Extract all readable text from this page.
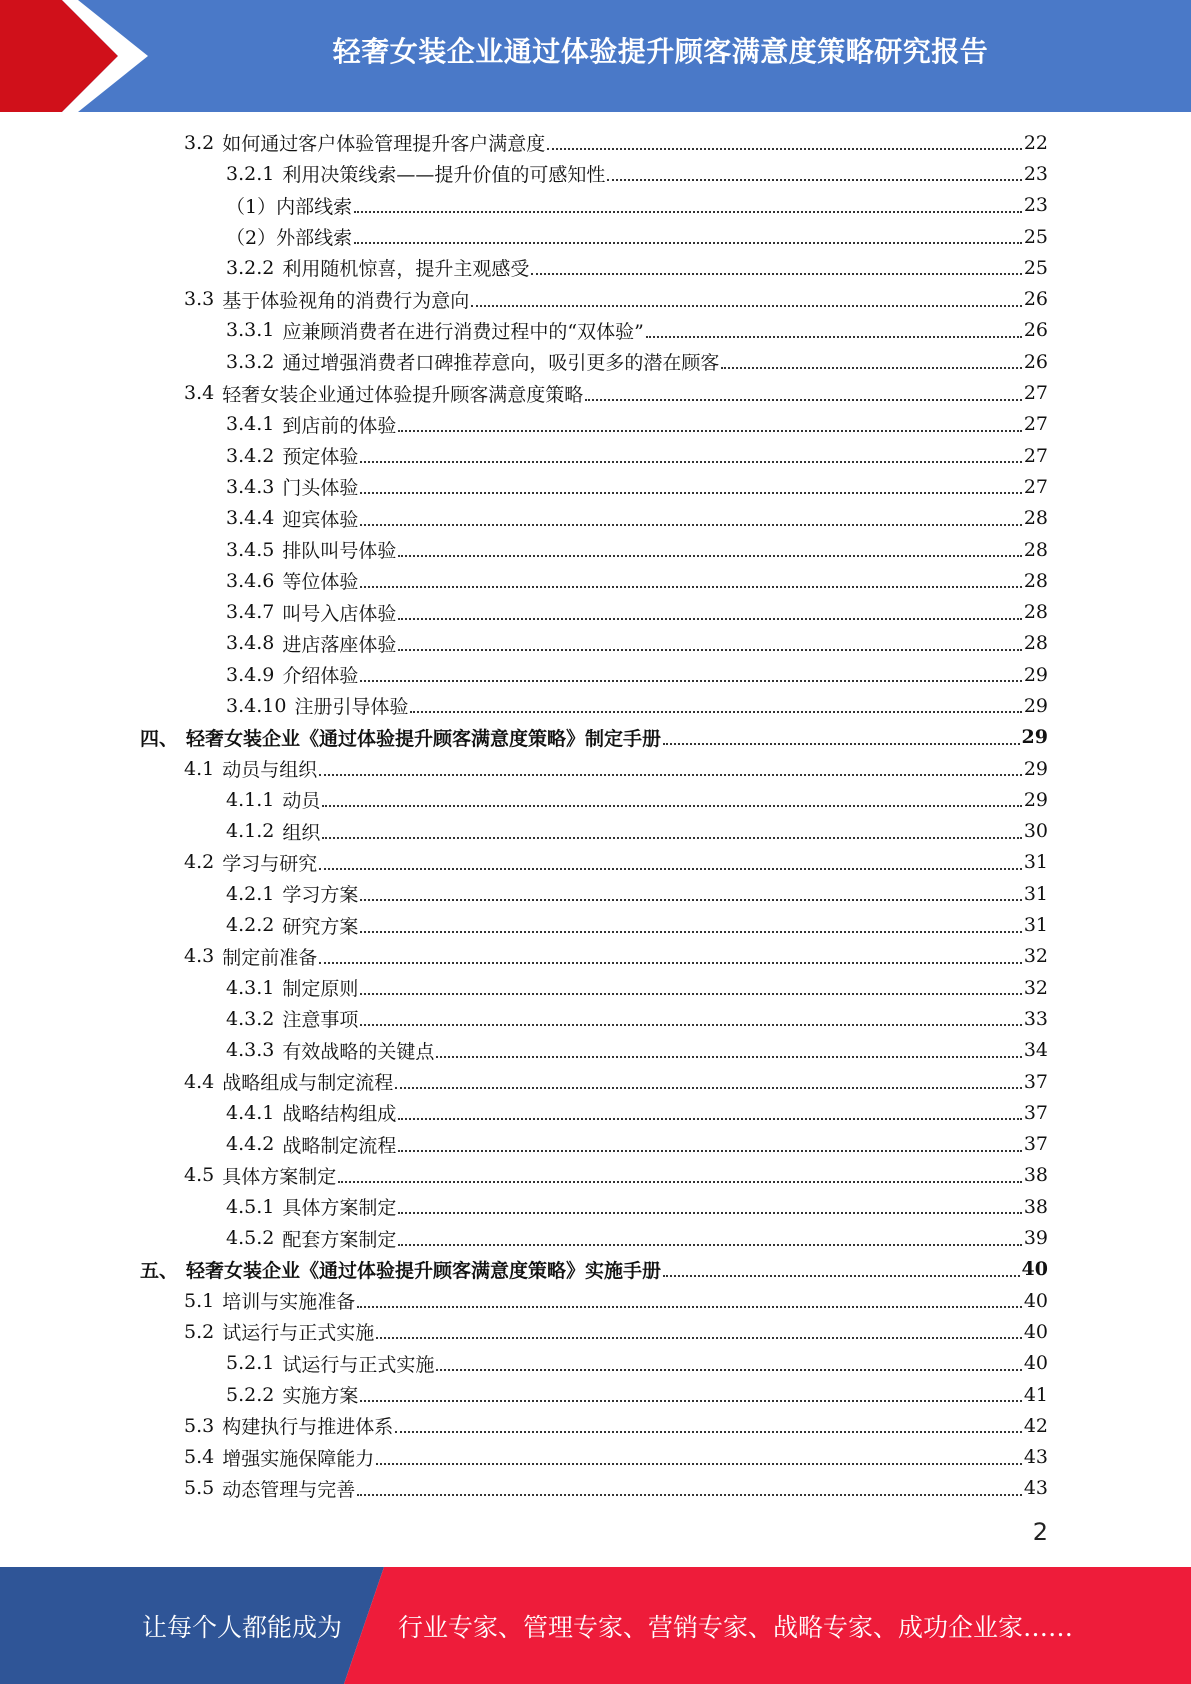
轻奢女装企业通过体验提升顾客满意度策略研究报告
3.2 如何通过客户体验管理提升客户满意度	22
3.2.1 利用决策线索——提升价值的可感知性	23
（1）内部线索	23
（2）外部线索	25
3.2.2 利用随机惊喜，提升主观感受	25
3.3 基于体验视角的消费行为意向	26
3.3.1 应兼顾消费者在进行消费过程中的“双体验”	26
3.3.2 通过增强消费者口碑推荐意向，吸引更多的潜在顾客	26
3.4 轻奢女装企业通过体验提升顾客满意度策略	27
3.4.1 到店前的体验	27
3.4.2 预定体验	27
3.4.3 门头体验	27
3.4.4 迎宾体验	28
3.4.5 排队叫号体验	28
3.4.6 等位体验	28
3.4.7 叫号入店体验	28
3.4.8 进店落座体验	28
3.4.9 介绍体验	29
3.4.10 注册引导体验	29
四、 轻奢女装企业《通过体验提升顾客满意度策略》制定手册	29
4.1 动员与组织	29
4.1.1 动员	29
4.1.2 组织	30
4.2 学习与研究	31
4.2.1 学习方案	31
4.2.2 研究方案	31
4.3 制定前准备	32
4.3.1 制定原则	32
4.3.2 注意事项	33
4.3.3 有效战略的关键点	34
4.4 战略组成与制定流程	37
4.4.1 战略结构组成	37
4.4.2 战略制定流程	37
4.5 具体方案制定	38
4.5.1 具体方案制定	38
4.5.2 配套方案制定	39
五、 轻奢女装企业《通过体验提升顾客满意度策略》实施手册	40
5.1 培训与实施准备	40
5.2 试运行与正式实施	40
5.2.1 试运行与正式实施	40
5.2.2 实施方案	41
5.3 构建执行与推进体系	42
5.4 增强实施保障能力	43
5.5 动态管理与完善	43
2
让每个人都能成为 行业专家、管理专家、营销专家、战略专家、成功企业家……
